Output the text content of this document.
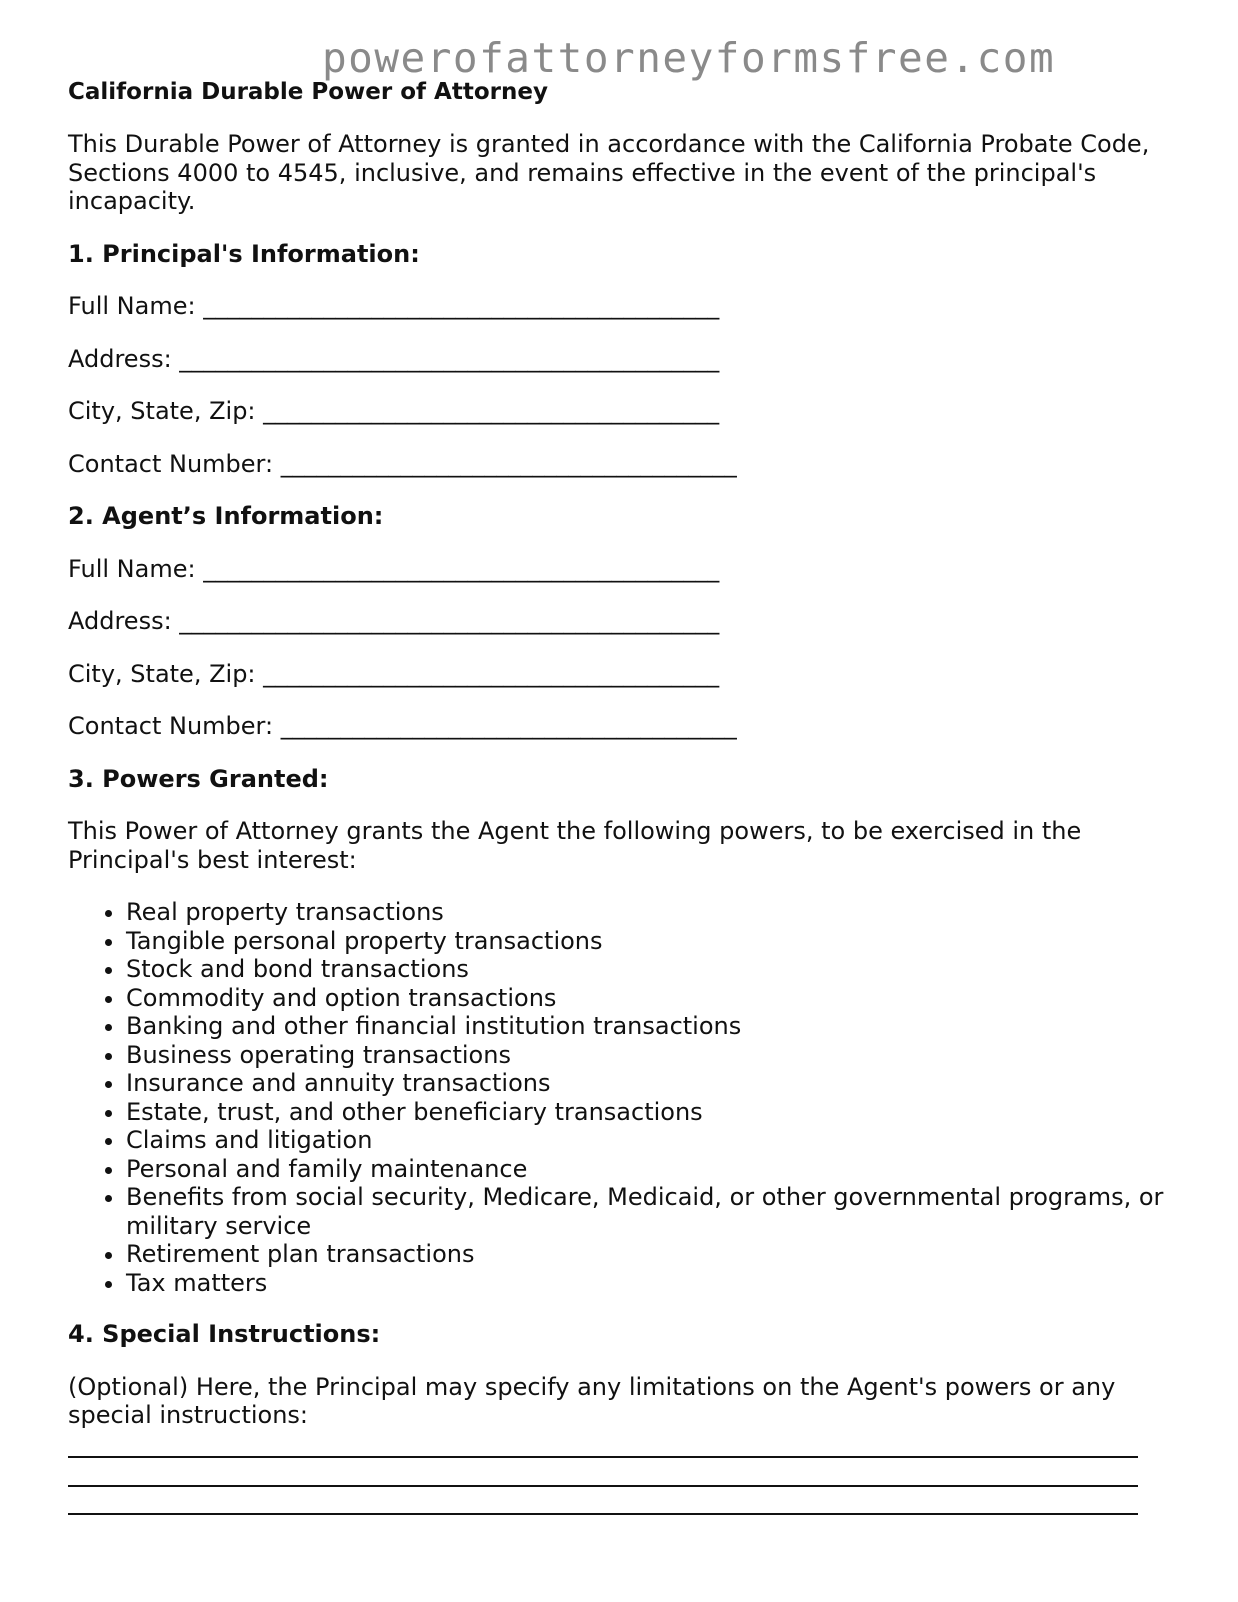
powerofattorneyformsfree.com
California Durable Power of Attorney
This Durable Power of Attorney is granted in accordance with the California Probate Code, Sections 4000 to 4545, inclusive, and remains effective in the event of the principal's incapacity.
1. Principal's Information:
Full Name: ___________________________________________
Address: _____________________________________________
City, State, Zip: ______________________________________
Contact Number: ______________________________________
2. Agent’s Information:
Full Name: ___________________________________________
Address: _____________________________________________
City, State, Zip: ______________________________________
Contact Number: ______________________________________
3. Powers Granted:
This Power of Attorney grants the Agent the following powers, to be exercised in the Principal's best interest:
• Real property transactions
• Tangible personal property transactions
• Stock and bond transactions
• Commodity and option transactions
• Banking and other financial institution transactions
• Business operating transactions
• Insurance and annuity transactions
• Estate, trust, and other beneficiary transactions
• Claims and litigation
• Personal and family maintenance
• Benefits from social security, Medicare, Medicaid, or other governmental programs, or military service
• Retirement plan transactions
• Tax matters
4. Special Instructions:
(Optional) Here, the Principal may specify any limitations on the Agent's powers or any special instructions:
